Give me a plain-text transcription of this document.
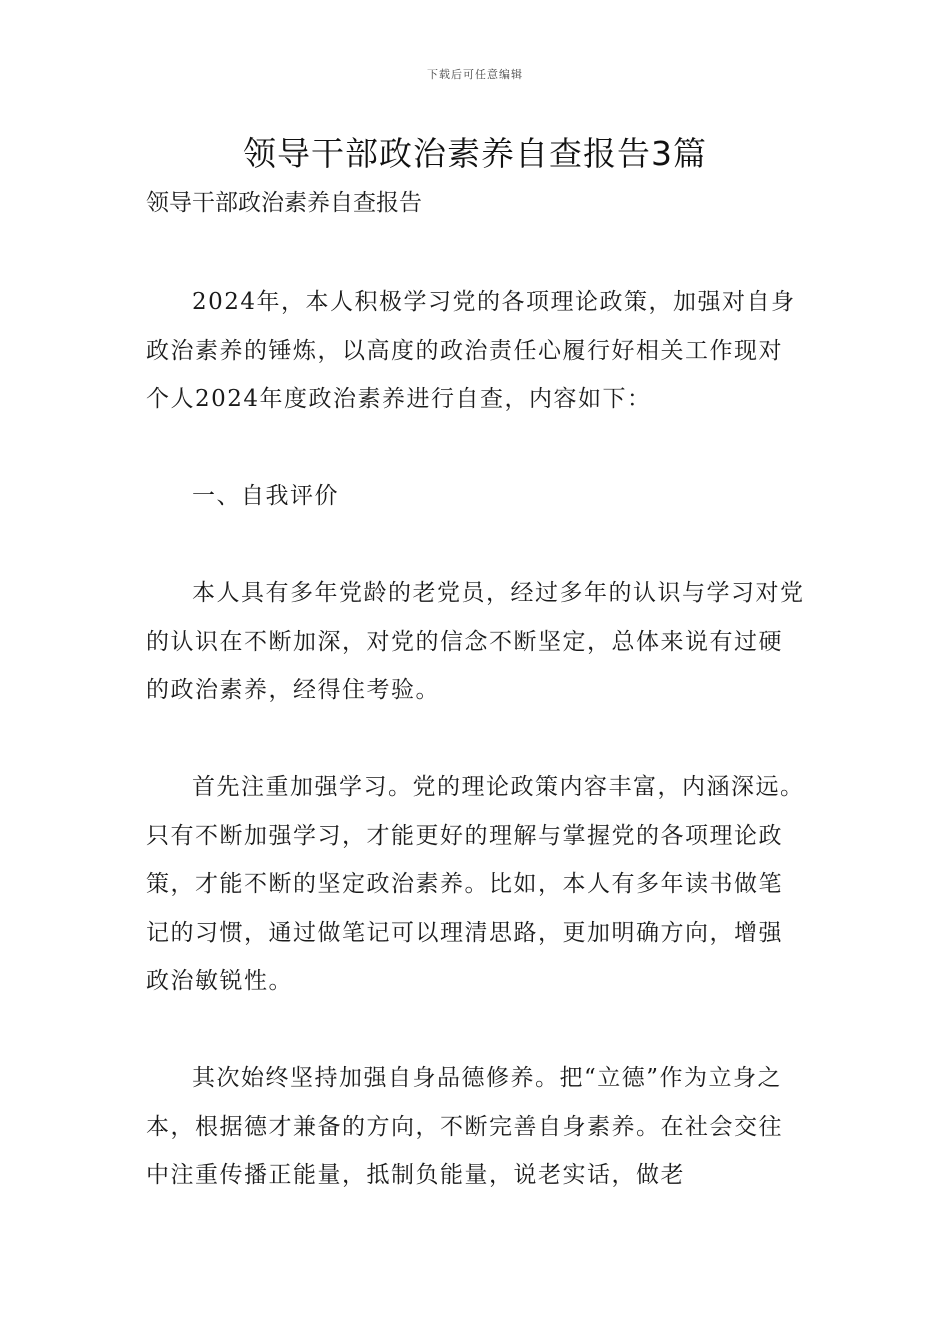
下载后可任意编辑
领导干部政治素养自查报告3篇
领导干部政治素养自查报告

2024年，本人积极学习党的各项理论政策，加强对自身政治素养的锤炼，以高度的政治责任心履行好相关工作现对个人2024年度政治素养进行自查，内容如下：

一、自我评价

本人具有多年党龄的老党员，经过多年的认识与学习对党的认识在不断加深，对党的信念不断坚定，总体来说有过硬的政治素养，经得住考验。

首先注重加强学习。党的理论政策内容丰富，内涵深远。只有不断加强学习，才能更好的理解与掌握党的各项理论政策，才能不断的坚定政治素养。比如，本人有多年读书做笔记的习惯，通过做笔记可以理清思路，更加明确方向，增强政治敏锐性。

其次始终坚持加强自身品德修养。把“立德”作为立身之本，根据德才兼备的方向，不断完善自身素养。在社会交往中注重传播正能量，抵制负能量，说老实话，做老
